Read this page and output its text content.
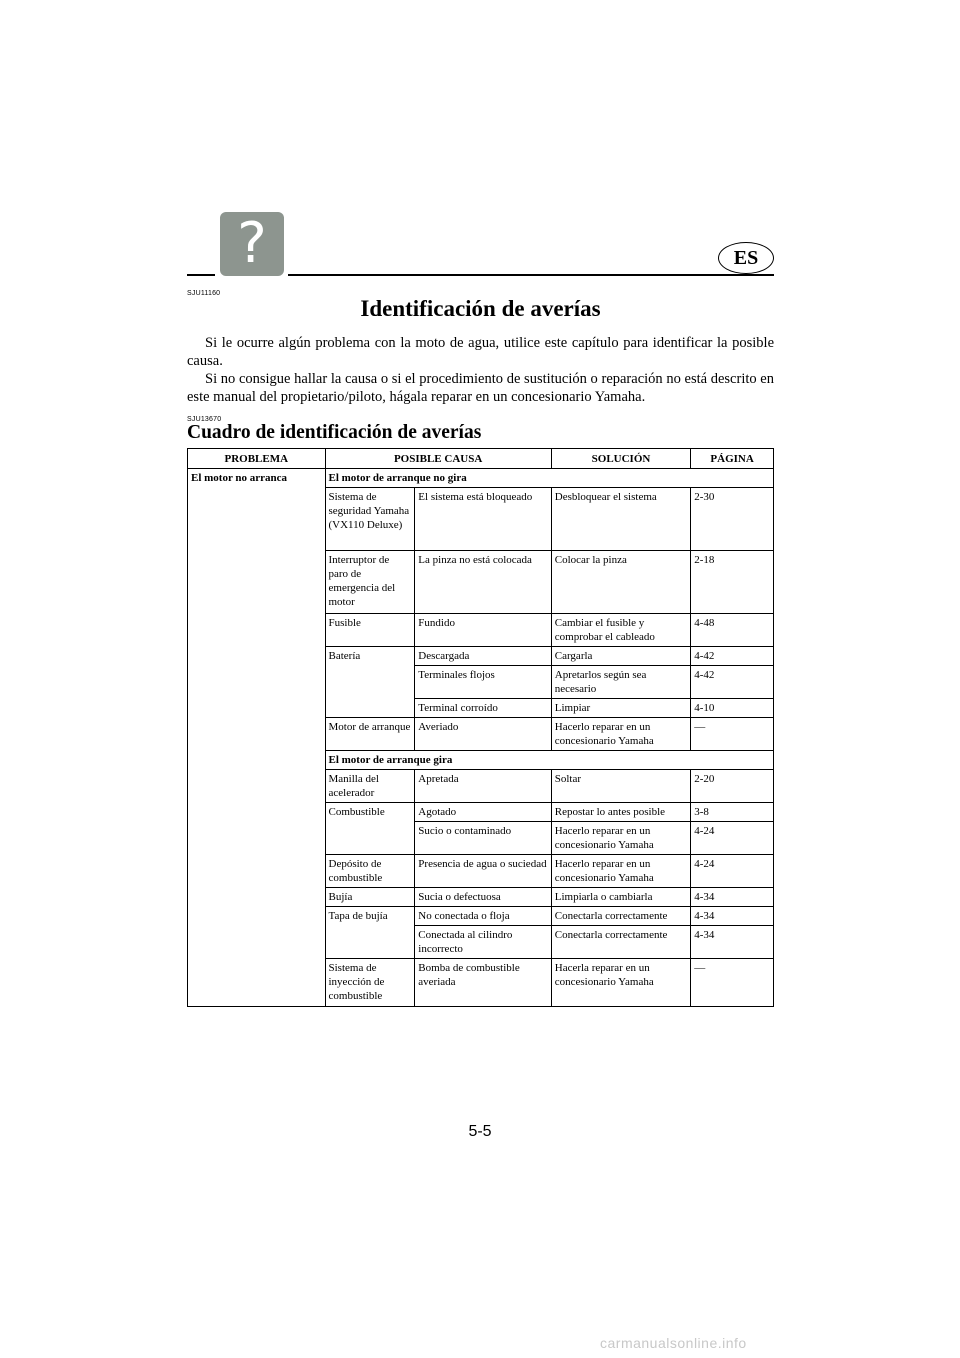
?	ES
SJU11160
Identificación de averías

Si le ocurre algún problema con la moto de agua, utilice este capítulo para identificar la posible causa.

Si no consigue hallar la causa o si el procedimiento de sustitución o reparación no está descrito en este manual del propietario/piloto, hágala reparar en un concesionario Yamaha.

SJU13670
Cuadro de identificación de averías
PROBLEMA	POSIBLE CAUSA		SOLUCIÓN	PÁGINA
El motor no arranca	El motor de arranque no gira			
	Sistema de seguridad Yamaha (VX110 Deluxe)	El sistema está bloqueado	Desbloquear el sistema	2-30
	Interruptor de paro de emergencia del motor	La pinza no está colocada	Colocar la pinza	2-18
	Fusible	Fundido	Cambiar el fusible y comprobar el cableado	4-48
	Batería	Descargada	Cargarla	4-42
		Terminales flojos	Apretarlos según sea necesario	4-42
		Terminal corroído	Limpiar	4-10
	Motor de arranque	Averiado	Hacerlo reparar en un concesionario Yamaha	—
	El motor de arranque gira			
	Manilla del acelerador	Apretada	Soltar	2-20
	Combustible	Agotado	Repostar lo antes posible	3-8
		Sucio o contaminado	Hacerlo reparar en un concesionario Yamaha	4-24
	Depósito de combustible	Presencia de agua o suciedad	Hacerlo reparar en un concesionario Yamaha	4-24
	Bujía	Sucia o defectuosa	Limpiarla o cambiarla	4-34
	Tapa de bujía	No conectada o floja	Conectarla correctamente	4-34
		Conectada al cilindro incorrecto	Conectarla correctamente	4-34
	Sistema de inyección de combustible	Bomba de combustible averiada	Hacerla reparar en un concesionario Yamaha	—
5-5
carmanualsonline.info
